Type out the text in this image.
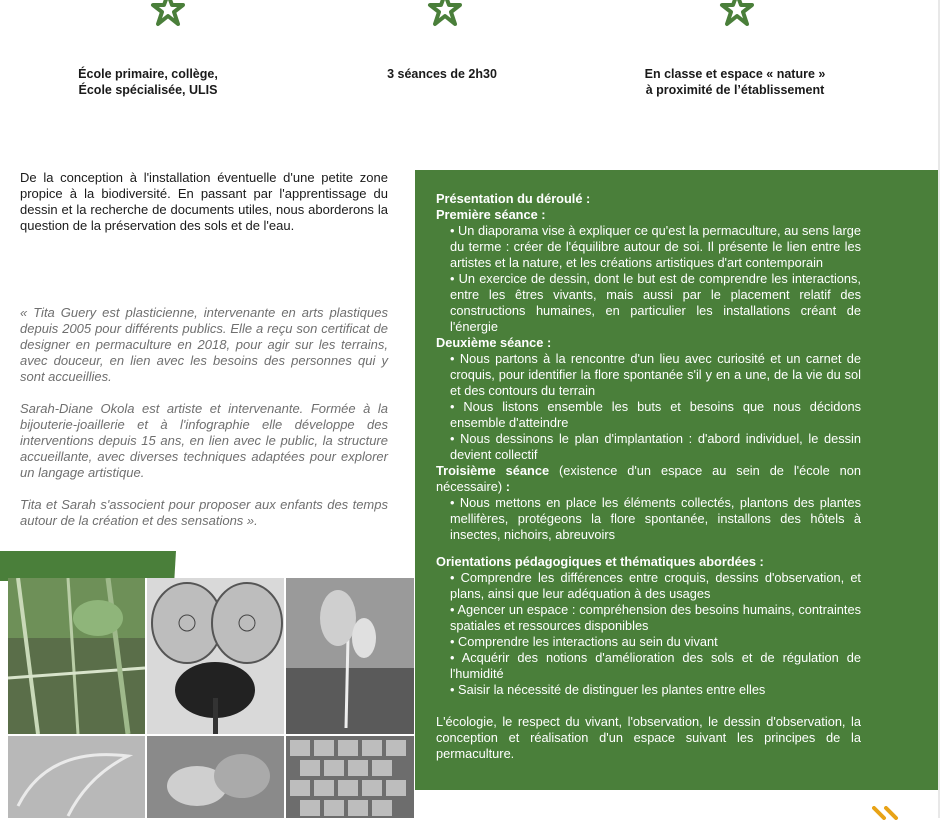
École primaire, collège,
École spécialisée, ULIS
3 séances de 2h30	En classe et espace « nature »
à proximité de l’établissement
De la conception à l'installation éventuelle d'une petite zone propice à la biodiversité. En passant par l'apprentissage du dessin et la recherche de documents utiles, nous aborderons la question de la préservation des sols et de l'eau.

« Tita Guery est plasticienne, intervenante en arts plastiques depuis 2005 pour différents publics. Elle a reçu son certificat de designer en permaculture en 2018, pour agir sur les terrains, avec douceur, en lien avec les besoins des personnes qui y sont accueillies.

Sarah-Diane Okola est artiste et intervenante. Formée à la bijouterie-joaillerie et à l'infographie elle développe des interventions depuis 15 ans, en lien avec le public, la structure accueillante, avec diverses techniques adaptées pour explorer un langage artistique.

Tita et Sarah s'associent pour proposer aux enfants des temps autour de la création et des sensations ».

Présentation du déroulé :
Première séance :
• Un diaporama vise à expliquer ce qu'est la permaculture, au sens large du terme : créer de l'équilibre autour de soi. Il présente le lien entre les artistes et la nature, et les créations artistiques d'art contemporain
• Un exercice de dessin, dont le but est de comprendre les interactions, entre les êtres vivants, mais aussi par le placement relatif des constructions humaines, en particulier les installations créant de l'énergie
Deuxième séance :
• Nous partons à la rencontre d'un lieu avec curiosité et un carnet de croquis, pour identifier la flore spontanée s'il y en a une, de la vie du sol et des contours du terrain
• Nous listons ensemble les buts et besoins que nous décidons ensemble d'atteindre
• Nous dessinons le plan d'implantation : d'abord individuel, le dessin devient collectif
Troisième séance (existence d'un espace au sein de l'école non nécessaire) :
• Nous mettons en place les éléments collectés, plantons des plantes mellifères, protégeons la flore spontanée, installons des hôtels à insectes, nichoirs, abreuvoirs
Orientations pédagogiques et thématiques abordées :
• Comprendre les différences entre croquis, dessins d'observation, et plans, ainsi que leur adéquation à des usages
• Agencer un espace : compréhension des besoins humains, contraintes spatiales et ressources disponibles
• Comprendre les interactions au sein du vivant
• Acquérir des notions d'amélioration des sols et de régulation de l'humidité
• Saisir la nécessité de distinguer les plantes entre elles
L'écologie, le respect du vivant, l'observation, le dessin d'observation, la conception et réalisation d'un espace suivant les principes de la permaculture.
